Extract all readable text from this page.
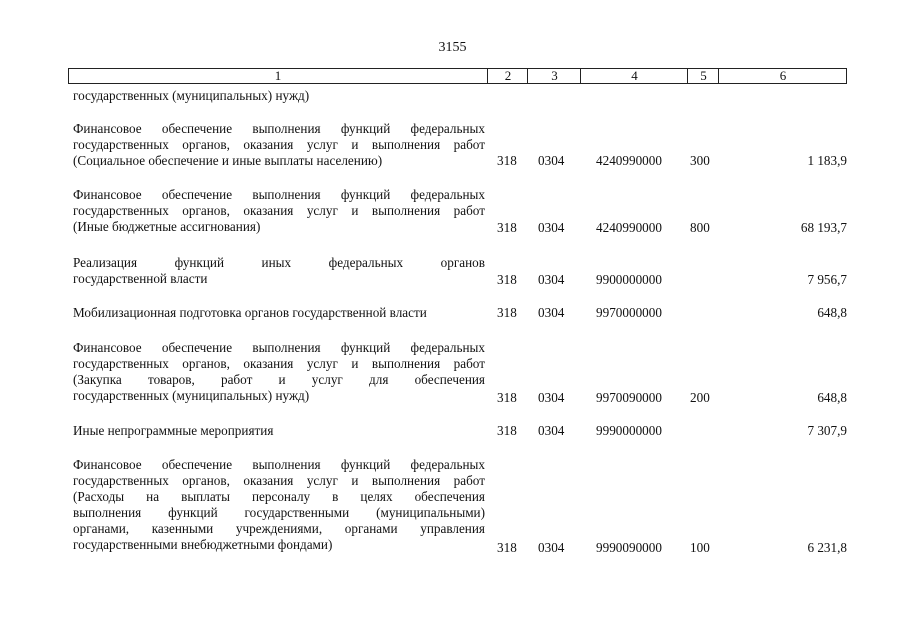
3155
1	2	3	4	5	6
государственных (муниципальных) нужд)
Финансовое обеспечение выполнения функций федеральных
государственных органов, оказания услуг и выполнения работ
(Социальное обеспечение и иные выплаты населению)	318 0304 4240990000 300	1 183,9
Финансовое обеспечение выполнения функций федеральных
государственных органов, оказания услуг и выполнения работ
(Иные бюджетные ассигнования)	318 0304 4240990000 800	68 193,7
Реализация функций иных федеральных органов
государственной власти	318 0304 9900000000	7 956,7
Мобилизационная подготовка органов государственной власти	318 0304 9970000000	648,8
Финансовое обеспечение выполнения функций федеральных
государственных органов, оказания услуг и выполнения работ
(Закупка товаров, работ и услуг для обеспечения
государственных (муниципальных) нужд)	318 0304 9970090000 200	648,8
Иные непрограммные мероприятия	318 0304 9990000000	7 307,9
Финансовое обеспечение выполнения функций федеральных
государственных органов, оказания услуг и выполнения работ
(Расходы на выплаты персоналу в целях обеспечения
выполнения функций государственными (муниципальными)
органами, казенными учреждениями, органами управления
государственными внебюджетными фондами)	318 0304 9990090000 100	6 231,8
